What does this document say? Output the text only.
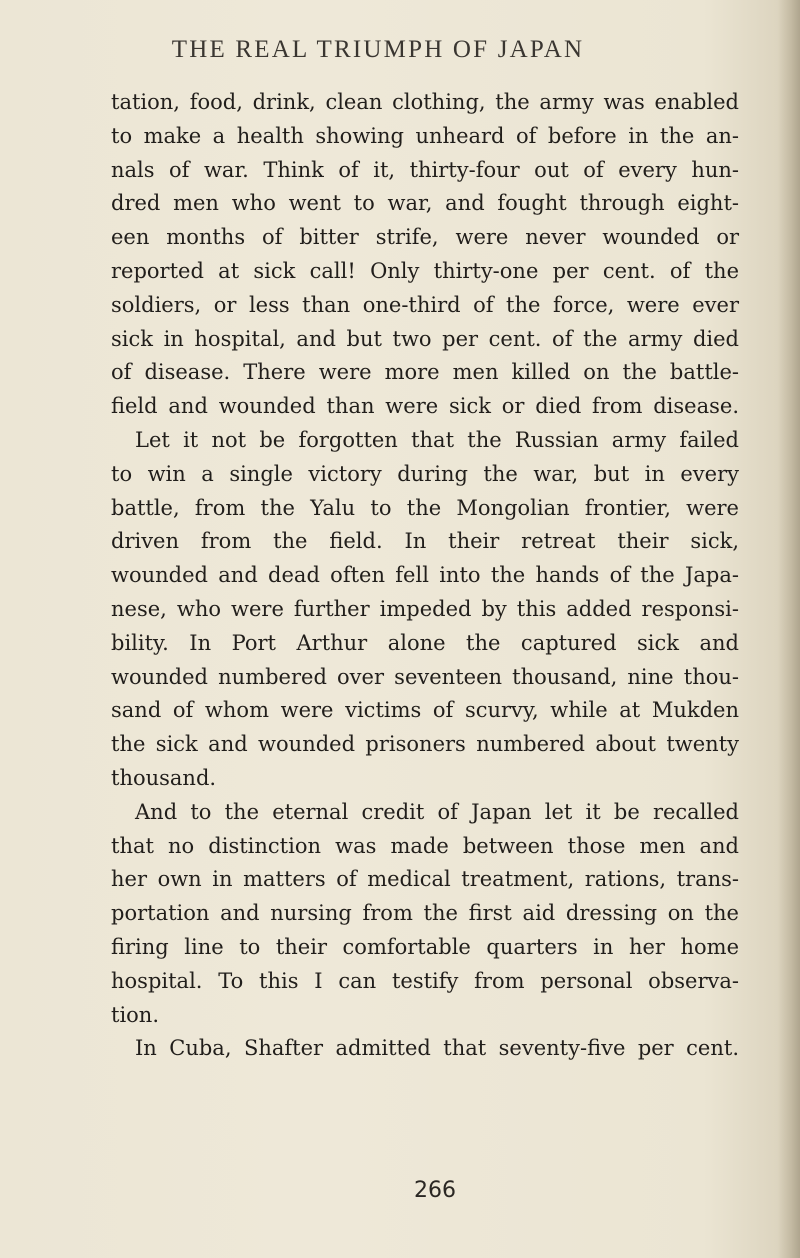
THE REAL TRIUMPH OF JAPAN
tation, food, drink, clean clothing, the army was enabled
to make a health showing unheard of before in the an-
nals of war. Think of it, thirty-four out of every hun-
dred men who went to war, and fought through eight-
een months of bitter strife, were never wounded or
reported at sick call! Only thirty-one per cent. of the
soldiers, or less than one-third of the force, were ever
sick in hospital, and but two per cent. of the army died
of disease. There were more men killed on the battle-
field and wounded than were sick or died from disease.
Let it not be forgotten that the Russian army failed
to win a single victory during the war, but in every
battle, from the Yalu to the Mongolian frontier, were
driven from the field. In their retreat their sick,
wounded and dead often fell into the hands of the Japa-
nese, who were further impeded by this added responsi-
bility. In Port Arthur alone the captured sick and
wounded numbered over seventeen thousand, nine thou-
sand of whom were victims of scurvy, while at Mukden
the sick and wounded prisoners numbered about twenty
thousand.
And to the eternal credit of Japan let it be recalled
that no distinction was made between those men and
her own in matters of medical treatment, rations, trans-
portation and nursing from the first aid dressing on the
firing line to their comfortable quarters in her home
hospital. To this I can testify from personal observa-
tion.
In Cuba, Shafter admitted that seventy-five per cent.
266
